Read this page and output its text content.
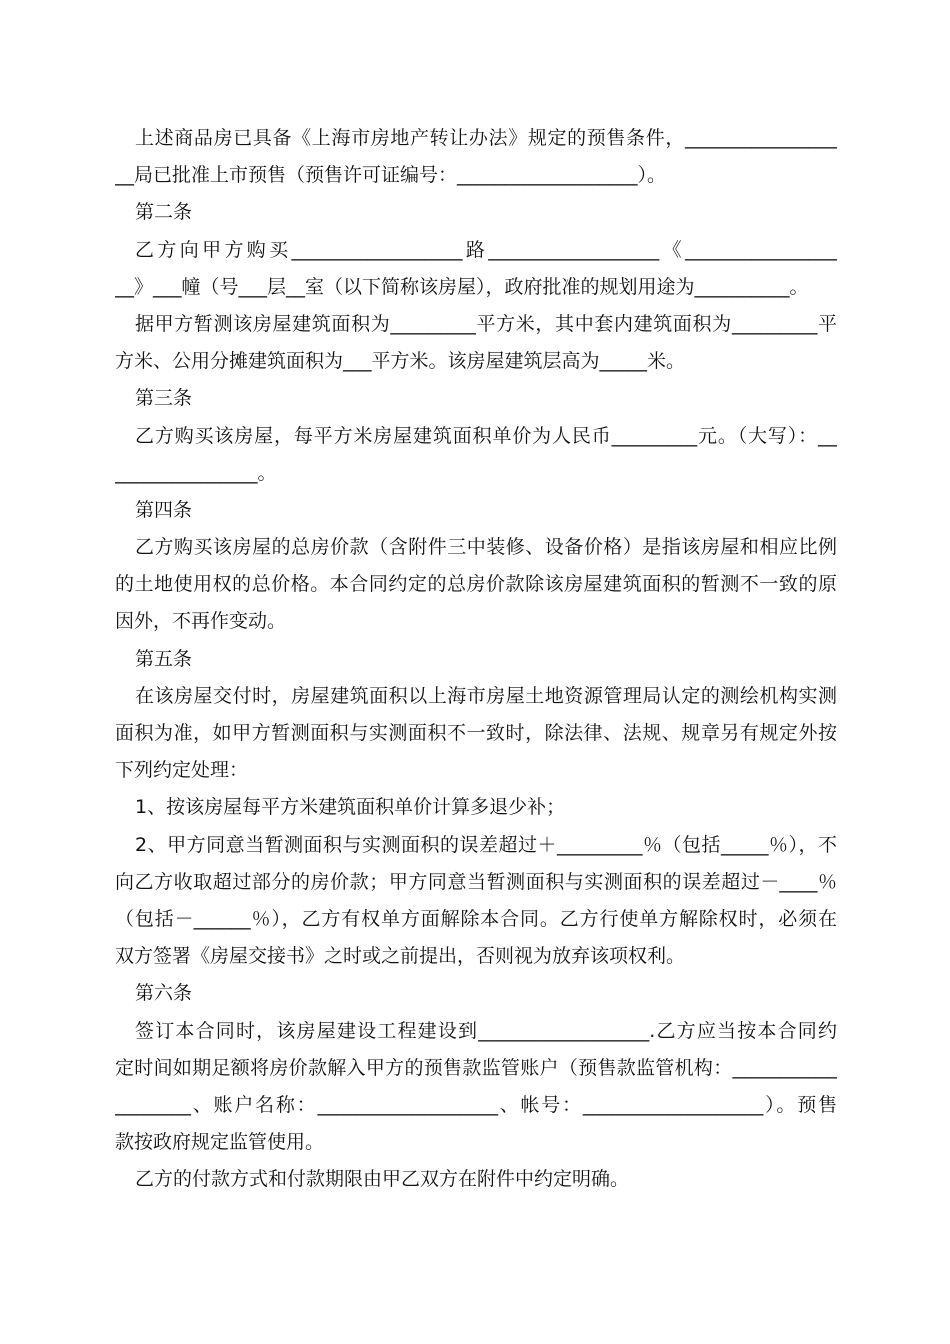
上述商品房已具备《上海市房地产转让办法》规定的预售条件，________________
__局已批准上市预售（预售许可证编号：___________________）。
第二条
乙方向甲方购买__________________路__________________《________________
__》___幢（号___层__室（以下简称该房屋），政府批准的规划用途为__________。
据甲方暂测该房屋建筑面积为_________平方米，其中套内建筑面积为_________平
方米、公用分摊建筑面积为___平方米。该房屋建筑层高为_____米。
第三条
乙方购买该房屋，每平方米房屋建筑面积单价为人民币_________元。（大写）：__
_______________。
第四条
乙方购买该房屋的总房价款（含附件三中装修、设备价格）是指该房屋和相应比例
的土地使用权的总价格。本合同约定的总房价款除该房屋建筑面积的暂测不一致的原
因外，不再作变动。
第五条
在该房屋交付时，房屋建筑面积以上海市房屋土地资源管理局认定的测绘机构实测
面积为准，如甲方暂测面积与实测面积不一致时，除法律、法规、规章另有规定外按
下列约定处理：
1、按该房屋每平方米建筑面积单价计算多退少补；
2、甲方同意当暂测面积与实测面积的误差超过＋_________％（包括_____％），不
向乙方收取超过部分的房价款；甲方同意当暂测面积与实测面积的误差超过－____％
（包括－______％），乙方有权单方面解除本合同。乙方行使单方解除权时，必须在
双方签署《房屋交接书》之时或之前提出，否则视为放弃该项权利。
第六条
签订本合同时，该房屋建设工程建设到__________________.乙方应当按本合同约
定时间如期足额将房价款解入甲方的预售款监管账户（预售款监管机构：___________
________、账户名称：___________________、帐号：___________________）。预售
款按政府规定监管使用。
乙方的付款方式和付款期限由甲乙双方在附件中约定明确。
